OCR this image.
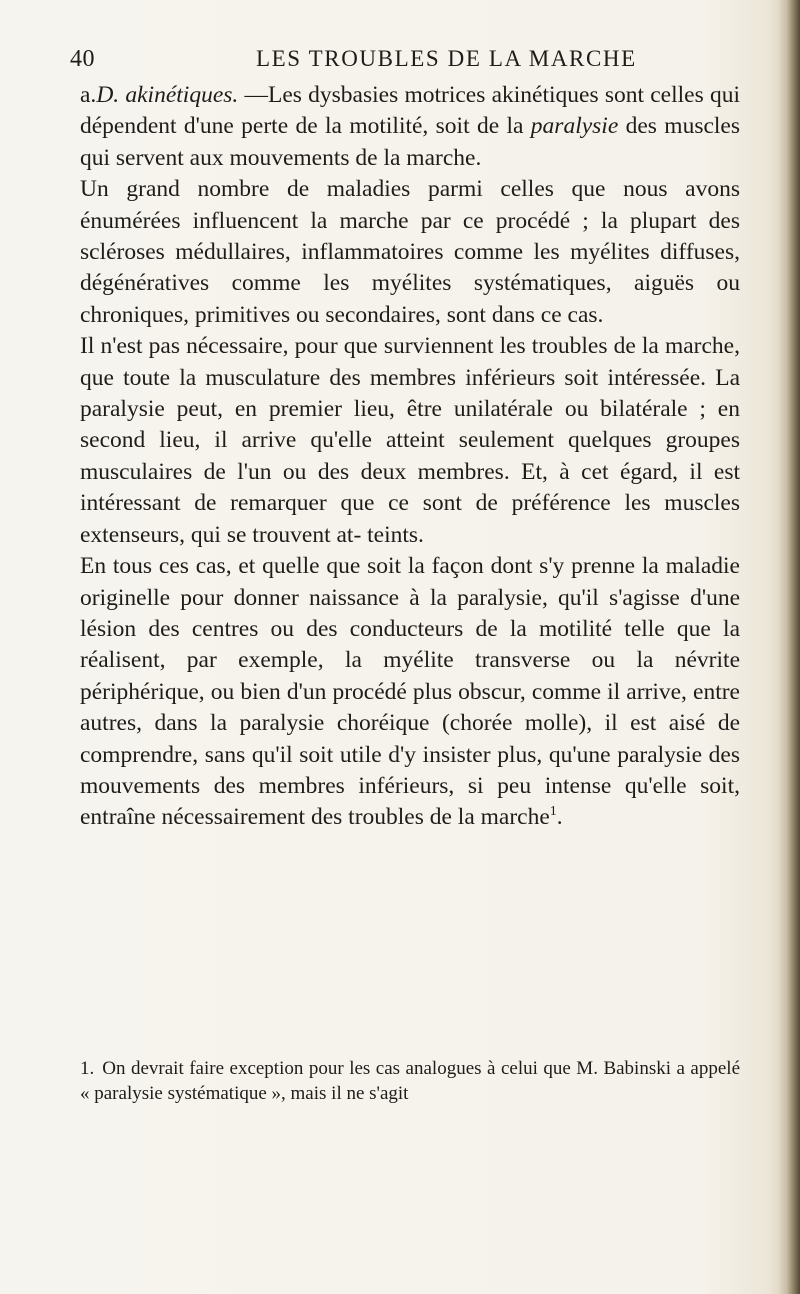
40	LES TROUBLES DE LA MARCHE

a.D. akinétiques. —Les dysbasies motrices akinétiques sont celles qui dépendent d'une perte de la motilité, soit de la paralysie des muscles qui servent aux mouvements de la marche.

Un grand nombre de maladies parmi celles que nous avons énumérées influencent la marche par ce procédé ; la plupart des scléroses médullaires, inflammatoires comme les myélites diffuses, dégénératives comme les myélites systématiques, aiguës ou chroniques, primitives ou secondaires, sont dans ce cas.

Il n'est pas nécessaire, pour que surviennent les troubles de la marche, que toute la musculature des membres inférieurs soit intéressée. La paralysie peut, en premier lieu, être unilatérale ou bilatérale ; en second lieu, il arrive qu'elle atteint seulement quelques groupes musculaires de l'un ou des deux membres. Et, à cet égard, il est intéressant de remarquer que ce sont de préférence les muscles extenseurs, qui se trouvent at- teints.

En tous ces cas, et quelle que soit la façon dont s'y prenne la maladie originelle pour donner naissance à la paralysie, qu'il s'agisse d'une lésion des centres ou des conducteurs de la motilité telle que la réalisent, par exemple, la myélite transverse ou la névrite périphérique, ou bien d'un procédé plus obscur, comme il arrive, entre autres, dans la paralysie choréique (chorée molle), il est aisé de comprendre, sans qu'il soit utile d'y insister plus, qu'une paralysie des mouvements des membres inférieurs, si peu intense qu'elle soit, entraîne nécessairement des troubles de la marche$^1$.

1. On devrait faire exception pour les cas analogues à celui que M. Babinski a appelé « paralysie systématique », mais il ne s'agit
